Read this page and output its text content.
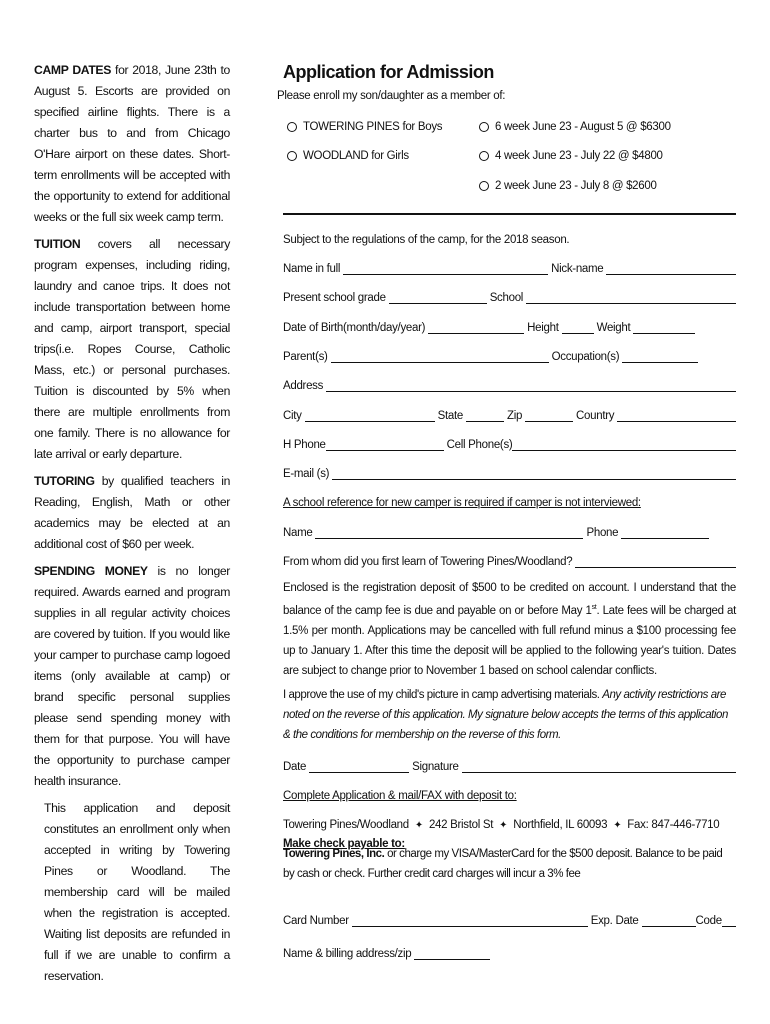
CAMP DATES for 2018, June 23th to August 5. Escorts are provided on specified airline flights. There is a charter bus to and from Chicago O'Hare airport on these dates. Short-term enrollments will be accepted with the opportunity to extend for additional weeks or the full six week camp term.

TUITION covers all necessary program expenses, including riding, laundry and canoe trips. It does not include transportation between home and camp, airport transport, special trips(i.e. Ropes Course, Catholic Mass, etc.) or personal purchases. Tuition is discounted by 5% when there are multiple enrollments from one family. There is no allowance for late arrival or early departure.

TUTORING by qualified teachers in Reading, English, Math or other academics may be elected at an additional cost of $60 per week.

SPENDING MONEY is no longer required. Awards earned and program supplies in all regular activity choices are covered by tuition. If you would like your camper to purchase camp logoed items (only available at camp) or brand specific personal supplies please send spending money with them for that purpose. You will have the opportunity to purchase camper health insurance.

This application and deposit constitutes an enrollment only when accepted in writing by Towering Pines or Woodland. The membership card will be mailed when the registration is accepted. Waiting list deposits are refunded in full if we are unable to confirm a reservation.

Application for Admission
Please enroll my son/daughter as a member of:
TOWERING PINES for Boys
WOODLAND for Girls
6 week June 23 - August 5 @ $6300
4 week June 23 - July 22 @ $4800
2 week June 23 - July 8 @ $2600
Subject to the regulations of the camp, for the 2018 season.
Name in full	Nick-name
Present school grade	School
Date of Birth(month/day/year)	Height	Weight
Parent(s)	Occupation(s)
Address
City	State	Zip	Country
H Phone	Cell Phone(s)
E-mail (s)
A school reference for new camper is required if camper is not interviewed:
Name	Phone
From whom did you first learn of Towering Pines/Woodland?

Enclosed is the registration deposit of $500 to be credited on account. I understand that the balance of the camp fee is due and payable on or before May 1st. Late fees will be charged at 1.5% per month. Applications may be cancelled with full refund minus a $100 processing fee up to January 1. After this time the deposit will be applied to the following year's tuition. Dates are subject to change prior to November 1 based on school calendar conflicts.

I approve the use of my child's picture in camp advertising materials. Any activity restrictions are noted on the reverse of this application. My signature below accepts the terms of this application & the conditions for membership on the reverse of this form.

Date	Signature
Complete Application & mail/FAX with deposit to:
Towering Pines/Woodland ✦ 242 Bristol St ✦ Northfield, IL 60093 ✦ Fax: 847-446-7710
Make check payable to:

Towering Pines, Inc. or charge my VISA/MasterCard for the $500 deposit. Balance to be paid by cash or check. Further credit card charges will incur a 3% fee

Card Number	Exp. Date	Code
Name & billing address/zip
